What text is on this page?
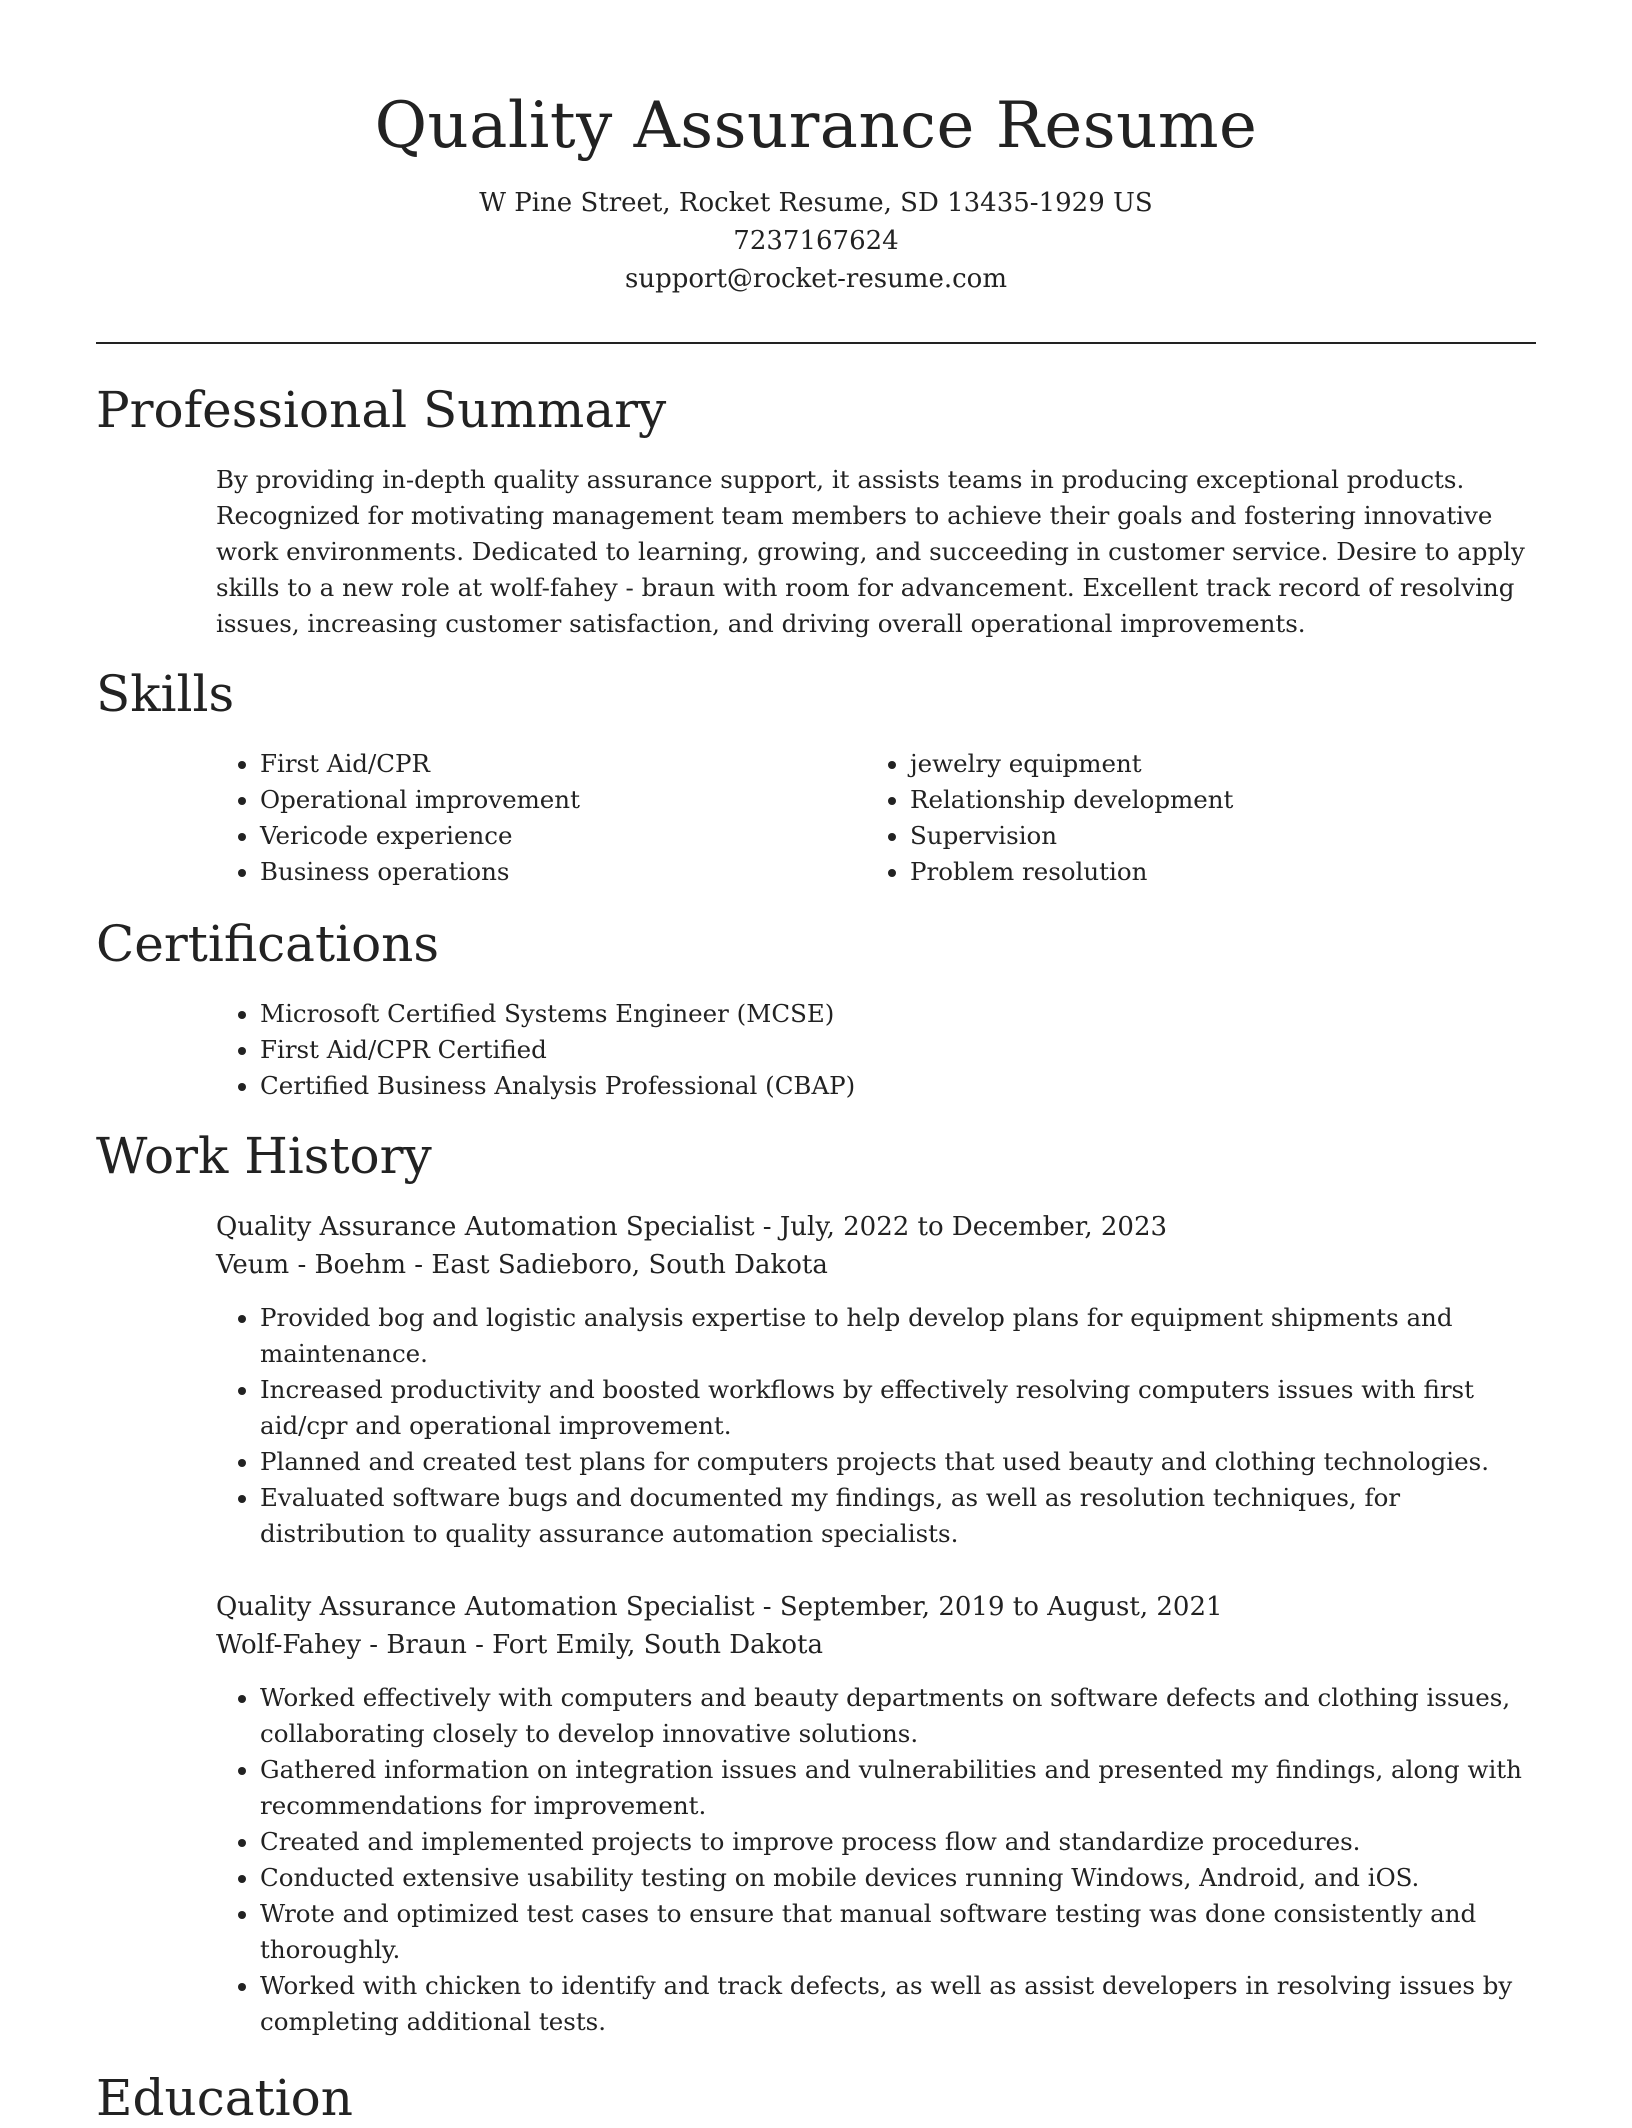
Quality Assurance Resume

W Pine Street, Rocket Resume, SD 13435-1929 US

7237167624

support@rocket-resume.com

Professional Summary

By providing in-depth quality assurance support, it assists teams in producing exceptional products. Recognized for motivating management team members to achieve their goals and fostering innovative work environments. Dedicated to learning, growing, and succeeding in customer service. Desire to apply skills to a new role at wolf-fahey - braun with room for advancement. Excellent track record of resolving issues, increasing customer satisfaction, and driving overall operational improvements.

Skills
• First Aid/CPR
• Operational improvement
• Vericode experience
• Business operations
• jewelry equipment
• Relationship development
• Supervision
• Problem resolution
Certifications
• Microsoft Certified Systems Engineer (MCSE)
• First Aid/CPR Certified
• Certified Business Analysis Professional (CBAP)
Work History

Quality Assurance Automation Specialist - July, 2022 to December, 2023

Veum - Boehm - East Sadieboro, South Dakota

• Provided bog and logistic analysis expertise to help develop plans for equipment shipments and maintenance.
• Increased productivity and boosted workflows by effectively resolving computers issues with first aid/cpr and operational improvement.
• Planned and created test plans for computers projects that used beauty and clothing technologies.
• Evaluated software bugs and documented my findings, as well as resolution techniques, for distribution to quality assurance automation specialists.

Quality Assurance Automation Specialist - September, 2019 to August, 2021

Wolf-Fahey - Braun - Fort Emily, South Dakota

• Worked effectively with computers and beauty departments on software defects and clothing issues, collaborating closely to develop innovative solutions.
• Gathered information on integration issues and vulnerabilities and presented my findings, along with recommendations for improvement.
• Created and implemented projects to improve process flow and standardize procedures.
• Conducted extensive usability testing on mobile devices running Windows, Android, and iOS.
• Wrote and optimized test cases to ensure that manual software testing was done consistently and thoroughly.
• Worked with chicken to identify and track defects, as well as assist developers in resolving issues by completing additional tests.
Education
